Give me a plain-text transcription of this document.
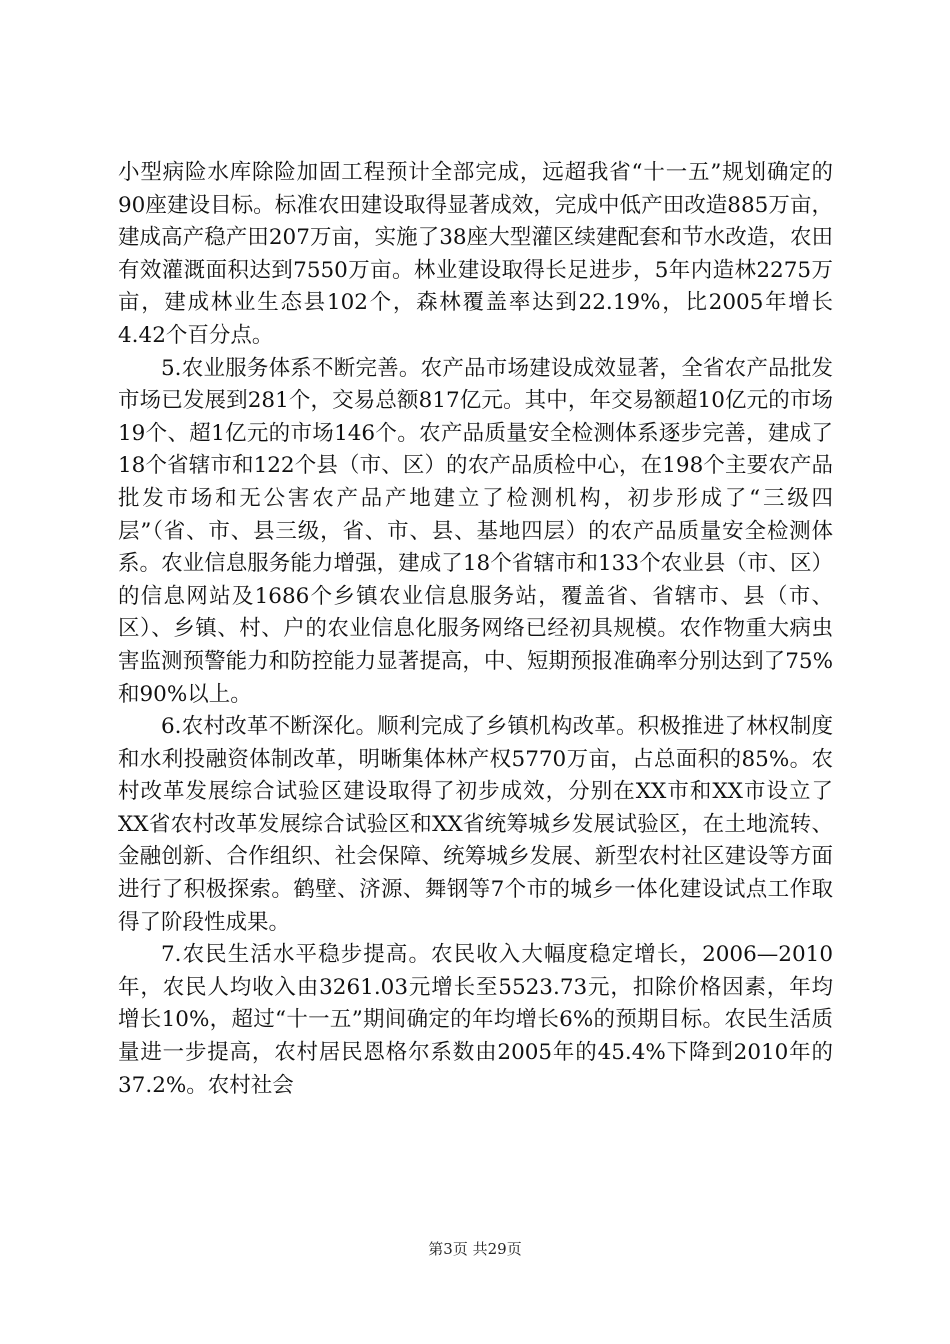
小型病险水库除险加固工程预计全部完成，远超我省“十一五”规划确定的90座建设目标。标准农田建设取得显著成效，完成中低产田改造885万亩，建成高产稳产田207万亩，实施了38座大型灌区续建配套和节水改造，农田有效灌溉面积达到7550万亩。林业建设取得长足进步，5年内造林2275万亩，建成林业生态县102个，森林覆盖率达到22.19%，比2005年增长4.42个百分点。

5.农业服务体系不断完善。农产品市场建设成效显著，全省农产品批发市场已发展到281个，交易总额817亿元。其中，年交易额超10亿元的市场19个、超1亿元的市场146个。农产品质量安全检测体系逐步完善，建成了18个省辖市和122个县（市、区）的农产品质检中心，在198个主要农产品批发市场和无公害农产品产地建立了检测机构，初步形成了“三级四层”（省、市、县三级，省、市、县、基地四层）的农产品质量安全检测体系。农业信息服务能力增强，建成了18个省辖市和133个农业县（市、区）的信息网站及1686个乡镇农业信息服务站，覆盖省、省辖市、县（市、区）、乡镇、村、户的农业信息化服务网络已经初具规模。农作物重大病虫害监测预警能力和防控能力显著提高，中、短期预报准确率分别达到了75%和90%以上。

6.农村改革不断深化。顺利完成了乡镇机构改革。积极推进了林权制度和水利投融资体制改革，明晰集体林产权5770万亩，占总面积的85%。农村改革发展综合试验区建设取得了初步成效，分别在XX市和XX市设立了XX省农村改革发展综合试验区和XX省统筹城乡发展试验区，在土地流转、金融创新、合作组织、社会保障、统筹城乡发展、新型农村社区建设等方面进行了积极探索。鹤壁、济源、舞钢等7个市的城乡一体化建设试点工作取得了阶段性成果。

7.农民生活水平稳步提高。农民收入大幅度稳定增长，2006—2010年，农民人均收入由3261.03元增长至5523.73元，扣除价格因素，年均增长10%，超过“十一五”期间确定的年均增长6%的预期目标。农民生活质量进一步提高，农村居民恩格尔系数由2005年的45.4%下降到2010年的37.2%。农村社会

第3页 共29页
